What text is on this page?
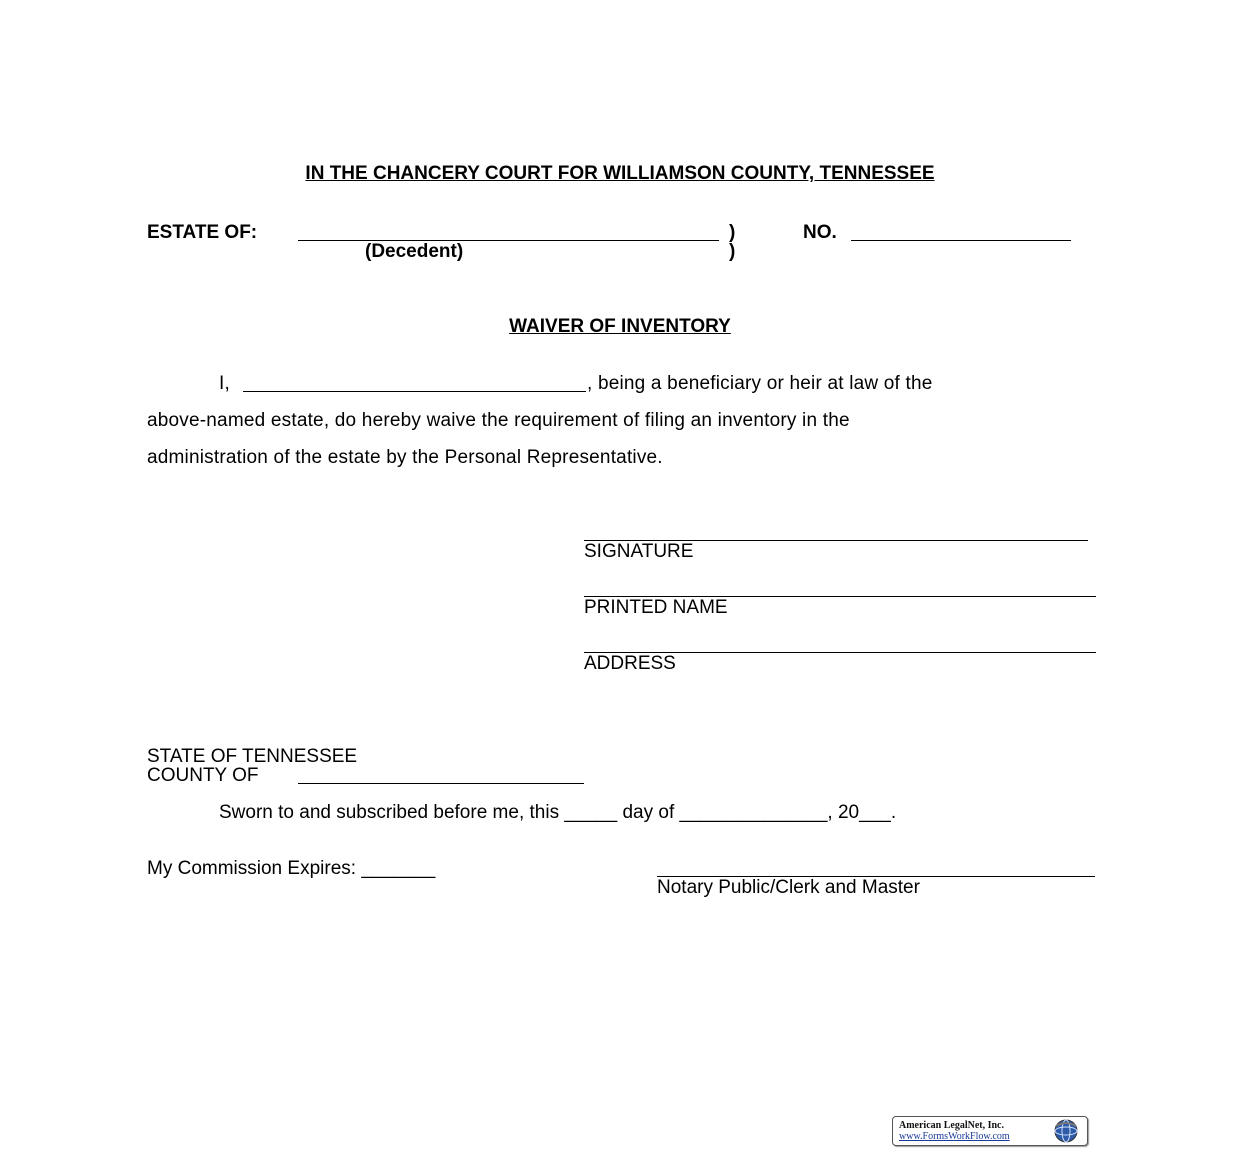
IN THE CHANCERY COURT FOR WILLIAMSON COUNTY, TENNESSEE
ESTATE OF:	)
(Decedent)	)
NO.
WAIVER OF INVENTORY
I,	, being a beneficiary or heir at law of the
above-named estate, do hereby waive the requirement of filing an inventory in the
administration of the estate by the Personal Representative.
SIGNATURE
PRINTED NAME
ADDRESS
STATE OF TENNESSEE
COUNTY OF
Sworn to and subscribed before me, this _____ day of ______________, 20___.
My Commission Expires: _______
Notary Public/Clerk and Master
American LegalNet, Inc.
www.FormsWorkFlow.com
